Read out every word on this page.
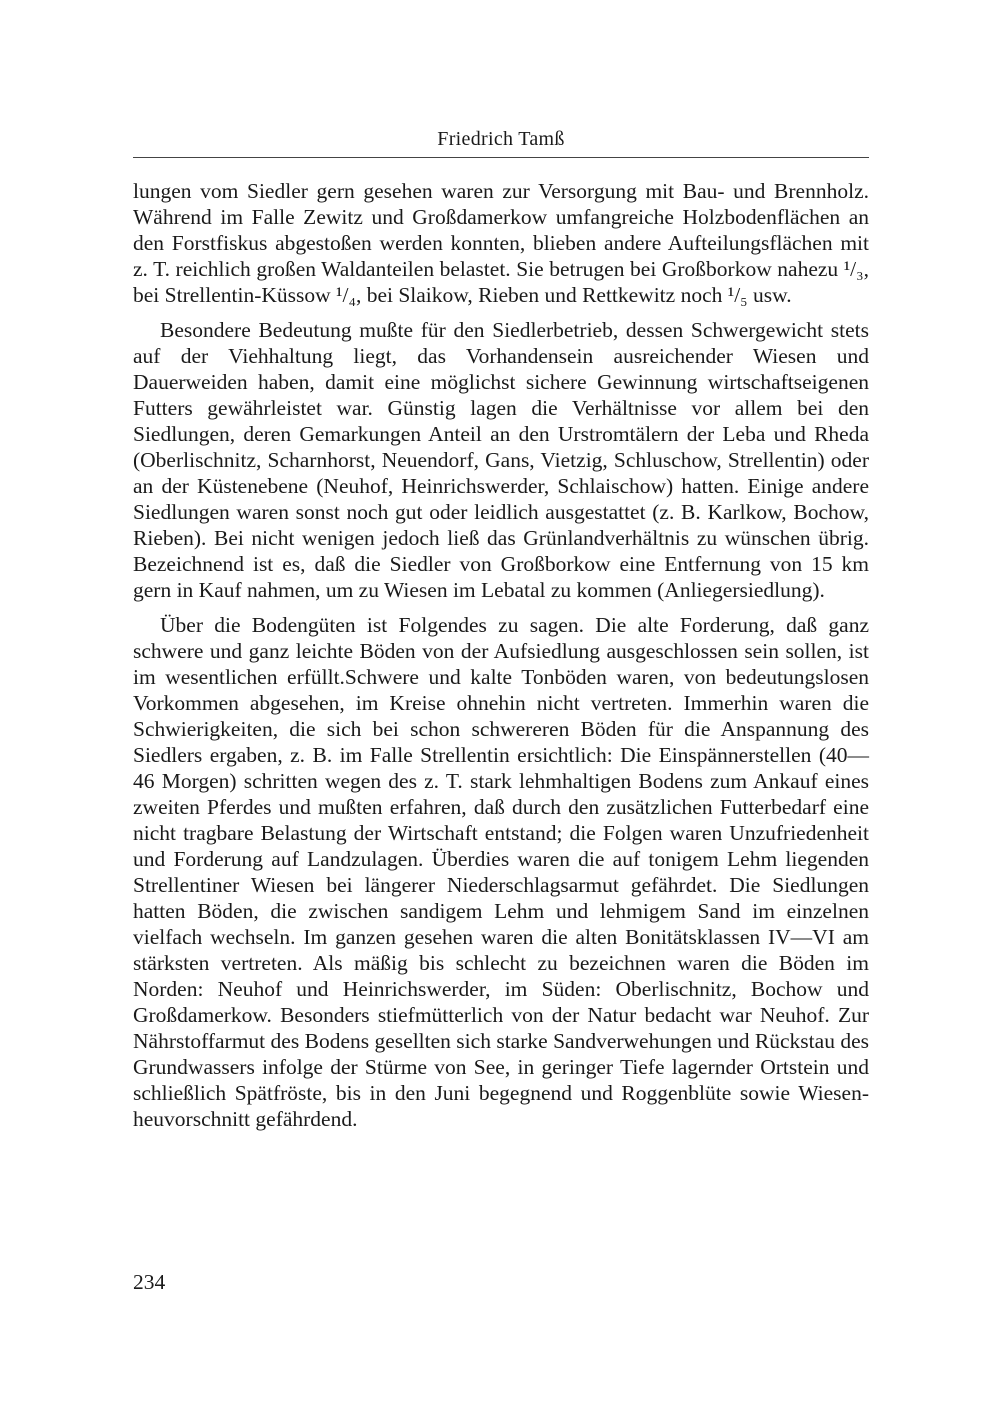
Friedrich Tamß

lungen vom Siedler gern gesehen waren zur Versorgung mit Bau- und Brennholz. Während im Falle Zewitz und Großdamerkow umfangreiche Holzbodenflächen an den Forstfiskus abgestoßen werden konnten, blieben andere Aufteilungsflächen mit z. T. reichlich großen Waldanteilen belastet. Sie betrugen bei Großborkow nahezu ¹/₃, bei Strellentin-Küssow ¹/₄, bei Slaikow, Rieben und Rettkewitz noch ¹/₅ usw.

Besondere Bedeutung mußte für den Siedlerbetrieb, dessen Schwergewicht stets auf der Viehhaltung liegt, das Vorhandensein ausreichender Wiesen und Dauerweiden haben, damit eine möglichst sichere Gewinnung wirtschaftseigenen Futters gewährleistet war. Günstig lagen die Verhältnisse vor allem bei den Siedlungen, deren Gemarkungen Anteil an den Urstromtälern der Leba und Rheda (Oberlischnitz, Scharnhorst, Neuendorf, Gans, Vietzig, Schluschow, Strellentin) oder an der Küstenebene (Neuhof, Heinrichswerder, Schlaischow) hatten. Einige andere Siedlungen waren sonst noch gut oder leidlich ausgestattet (z. B. Karlkow, Bochow, Rieben). Bei nicht wenigen jedoch ließ das Grünlandverhältnis zu wünschen übrig. Bezeichnend ist es, daß die Siedler von Großborkow eine Entfernung von 15 km gern in Kauf nahmen, um zu Wiesen im Lebatal zu kommen (Anliegersiedlung).

Über die Bodengüten ist Folgendes zu sagen. Die alte Forderung, daß ganz schwere und ganz leichte Böden von der Aufsiedlung ausgeschlossen sein sollen, ist im wesentlichen erfüllt.Schwere und kalte Tonböden waren, von bedeutungslosen Vorkommen abgesehen, im Kreise ohnehin nicht vertreten. Immerhin waren die Schwierigkeiten, die sich bei schon schwereren Böden für die Anspannung des Siedlers ergaben, z. B. im Falle Strellentin ersichtlich: Die Einspännerstellen (40—46 Morgen) schritten wegen des z. T. stark lehmhaltigen Bodens zum Ankauf eines zweiten Pferdes und mußten erfahren, daß durch den zusätzlichen Futterbedarf eine nicht tragbare Belastung der Wirtschaft entstand; die Folgen waren Unzufriedenheit und Forderung auf Landzulagen. Überdies waren die auf tonigem Lehm liegenden Strellentiner Wiesen bei längerer Niederschlagsarmut gefährdet. Die Siedlungen hatten Böden, die zwischen sandigem Lehm und lehmigem Sand im einzelnen vielfach wechseln. Im ganzen gesehen waren die alten Bonitätsklassen IV—VI am stärksten vertreten. Als mäßig bis schlecht zu bezeichnen waren die Böden im Norden: Neuhof und Heinrichswerder, im Süden: Oberlischnitz, Bochow und Großdamerkow. Besonders stiefmütterlich von der Natur bedacht war Neuhof. Zur Nährstoffarmut des Bodens gesellten sich starke Sandverwehungen und Rückstau des Grundwassers infolge der Stürme von See, in geringer Tiefe lagernder Ortstein und schließlich Spätfröste, bis in den Juni begegnend und Roggenblüte sowie Wiesenheuvorschnitt gefährdend.

234
